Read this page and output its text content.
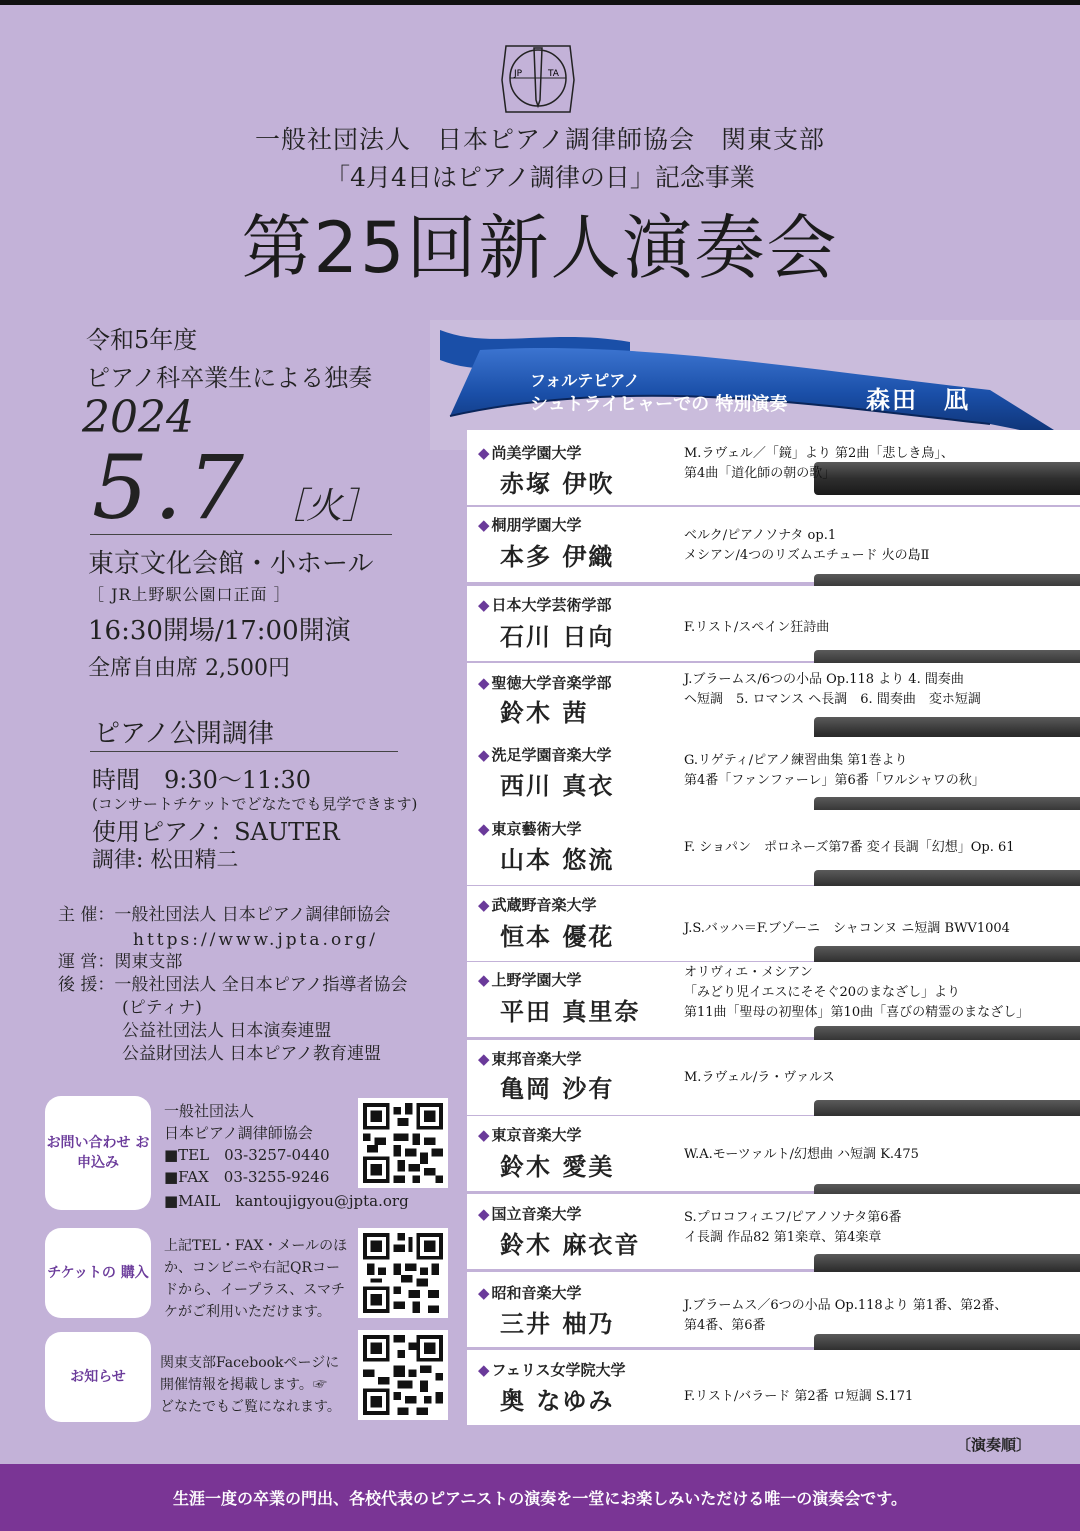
JP	TA
一般社団法人　日本ピアノ調律師協会　関東支部
「4月4日はピアノ調律の日」記念事業
第25回新人演奏会
令和5年度
ピアノ科卒業生による独奏
2024
5.7 ［火］
東京文化会館・小ホール
［ JR上野駅公園口正面 ］
16:30開場/17:00開演
全席自由席 2,500円
ピアノ公開調律
時間　9:30〜11:30
(コンサートチケットでどなたでも見学できます)
使用ピアノ：SAUTER
調律: 松田精二
主 催：一般社団法人 日本ピアノ調律師協会
https://www.jpta.org/
運 営：関東支部
後 援：一般社団法人 全日本ピアノ指導者協会
(ピティナ)
公益社団法人 日本演奏連盟
公益財団法人 日本ピアノ教育連盟
お問い合わせ お申込み
一般社団法人
日本ピアノ調律師協会
■TEL　03-3257-0440
■FAX　03-3255-9246
■MAIL　kantoujigyou@jpta.org
チケットの 購入
上記TEL・FAX・メールのほ
か、コンビニや右記QRコー
ドから、イープラス、スマチ
ケがご利用いただけます。
お知らせ
関東支部Facebookページに
開催情報を掲載します。☞
どなたでもご覧になれます。
フォルテピアノ
シュトライヒャーでの 特別演奏	森田　凪
◆ 尚美学園大学
赤塚 伊吹
M.ラヴェル／「鏡」より 第2曲「悲しき鳥」、
第4曲「道化師の朝の歌」
◆ 桐朋学園大学
本多 伊織
ベルク/ピアノソナタ op.1
メシアン/4つのリズムエチュード 火の島Ⅱ
◆ 日本大学芸術学部
石川 日向	F.リスト/スペイン狂詩曲
◆ 聖徳大学音楽学部
鈴木 茜
J.ブラームス/6つの小品 Op.118 より 4. 間奏曲
ヘ短調　5. ロマンス ヘ長調　6. 間奏曲　変ホ短調
◆ 洗足学園音楽大学
西川 真衣
G.リゲティ/ピアノ練習曲集 第1巻より
第4番「ファンファーレ」第6番「ワルシャワの秋」
◆ 東京藝術大学
山本 悠流	F. ショパン　ポロネーズ第7番 変イ長調「幻想」Op. 61
◆ 武蔵野音楽大学
恒本 優花	J.S.バッハ＝F.ブゾーニ　シャコンヌ ニ短調 BWV1004
◆ 上野学園大学
平田 真里奈
オリヴィエ・メシアン
「みどり児イエスにそそぐ20のまなざし」より
第11曲「聖母の初聖体」第10曲「喜びの精霊のまなざし」
◆ 東邦音楽大学
亀岡 沙有	M.ラヴェル/ラ・ヴァルス
◆ 東京音楽大学
鈴木 愛美	W.A.モーツァルト/幻想曲 ハ短調 K.475
◆ 国立音楽大学
鈴木 麻衣音
S.プロコフィエフ/ピアノソナタ第6番
イ長調 作品82 第1楽章、第4楽章
◆ 昭和音楽大学
三井 柚乃
J.ブラームス／6つの小品 Op.118より 第1番、第2番、
第4番、第6番
◆ フェリス女学院大学
奥 なゆみ	F.リスト/バラード 第2番 ロ短調 S.171
〔演奏順〕
生涯一度の卒業の門出、各校代表のピアニストの演奏を一堂にお楽しみいただける唯一の演奏会です。
